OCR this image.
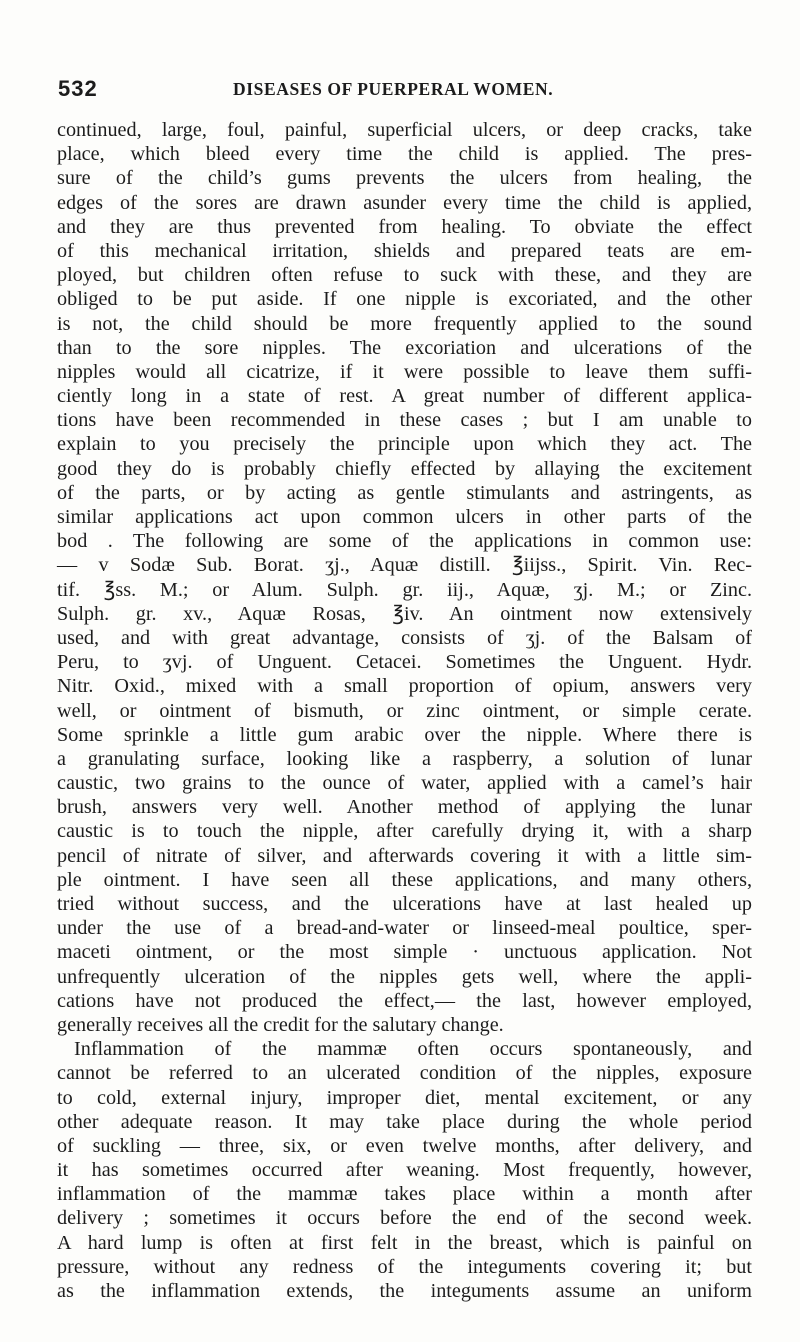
532	DISEASES OF PUERPERAL WOMEN.
continued, large, foul, painful, superficial ulcers, or deep cracks, take
place, which bleed every time the child is applied. The pres-
sure of the child’s gums prevents the ulcers from healing, the
edges of the sores are drawn asunder every time the child is applied,
and they are thus prevented from healing. To obviate the effect
of this mechanical irritation, shields and prepared teats are em-
ployed, but children often refuse to suck with these, and they are
obliged to be put aside. If one nipple is excoriated, and the other
is not, the child should be more frequently applied to the sound
than to the sore nipples. The excoriation and ulcerations of the
nipples would all cicatrize, if it were possible to leave them suffi-
ciently long in a state of rest. A great number of different applica-
tions have been recommended in these cases ; but I am unable to
explain to you precisely the principle upon which they act. The
good they do is probably chiefly effected by allaying the excitement
of the parts, or by acting as gentle stimulants and astringents, as
similar applications act upon common ulcers in other parts of the
bod . The following are some of the applications in common use:
— v Sodæ Sub. Borat. ʒj., Aquæ distill. ℥iijss., Spirit. Vin. Rec-
tif. ℥ss. M.; or Alum. Sulph. gr. iij., Aquæ, ʒj. M.; or Zinc.
Sulph. gr. xv., Aquæ Rosas, ℥iv. An ointment now extensively
used, and with great advantage, consists of ʒj. of the Balsam of
Peru, to ʒvj. of Unguent. Cetacei. Sometimes the Unguent. Hydr.
Nitr. Oxid., mixed with a small proportion of opium, answers very
well, or ointment of bismuth, or zinc ointment, or simple cerate.
Some sprinkle a little gum arabic over the nipple. Where there is
a granulating surface, looking like a raspberry, a solution of lunar
caustic, two grains to the ounce of water, applied with a camel’s hair
brush, answers very well. Another method of applying the lunar
caustic is to touch the nipple, after carefully drying it, with a sharp
pencil of nitrate of silver, and afterwards covering it with a little sim-
ple ointment. I have seen all these applications, and many others,
tried without success, and the ulcerations have at last healed up
under the use of a bread-and-water or linseed-meal poultice, sper-
maceti ointment, or the most simple · unctuous application. Not
unfrequently ulceration of the nipples gets well, where the appli-
cations have not produced the effect,— the last, however employed,
generally receives all the credit for the salutary change.
Inflammation of the mammæ often occurs spontaneously, and
cannot be referred to an ulcerated condition of the nipples, exposure
to cold, external injury, improper diet, mental excitement, or any
other adequate reason. It may take place during the whole period
of suckling — three, six, or even twelve months, after delivery, and
it has sometimes occurred after weaning. Most frequently, however,
inflammation of the mammæ takes place within a month after
delivery ; sometimes it occurs before the end of the second week.
A hard lump is often at first felt in the breast, which is painful on
pressure, without any redness of the integuments covering it; but
as the inflammation extends, the integuments assume an uniform
